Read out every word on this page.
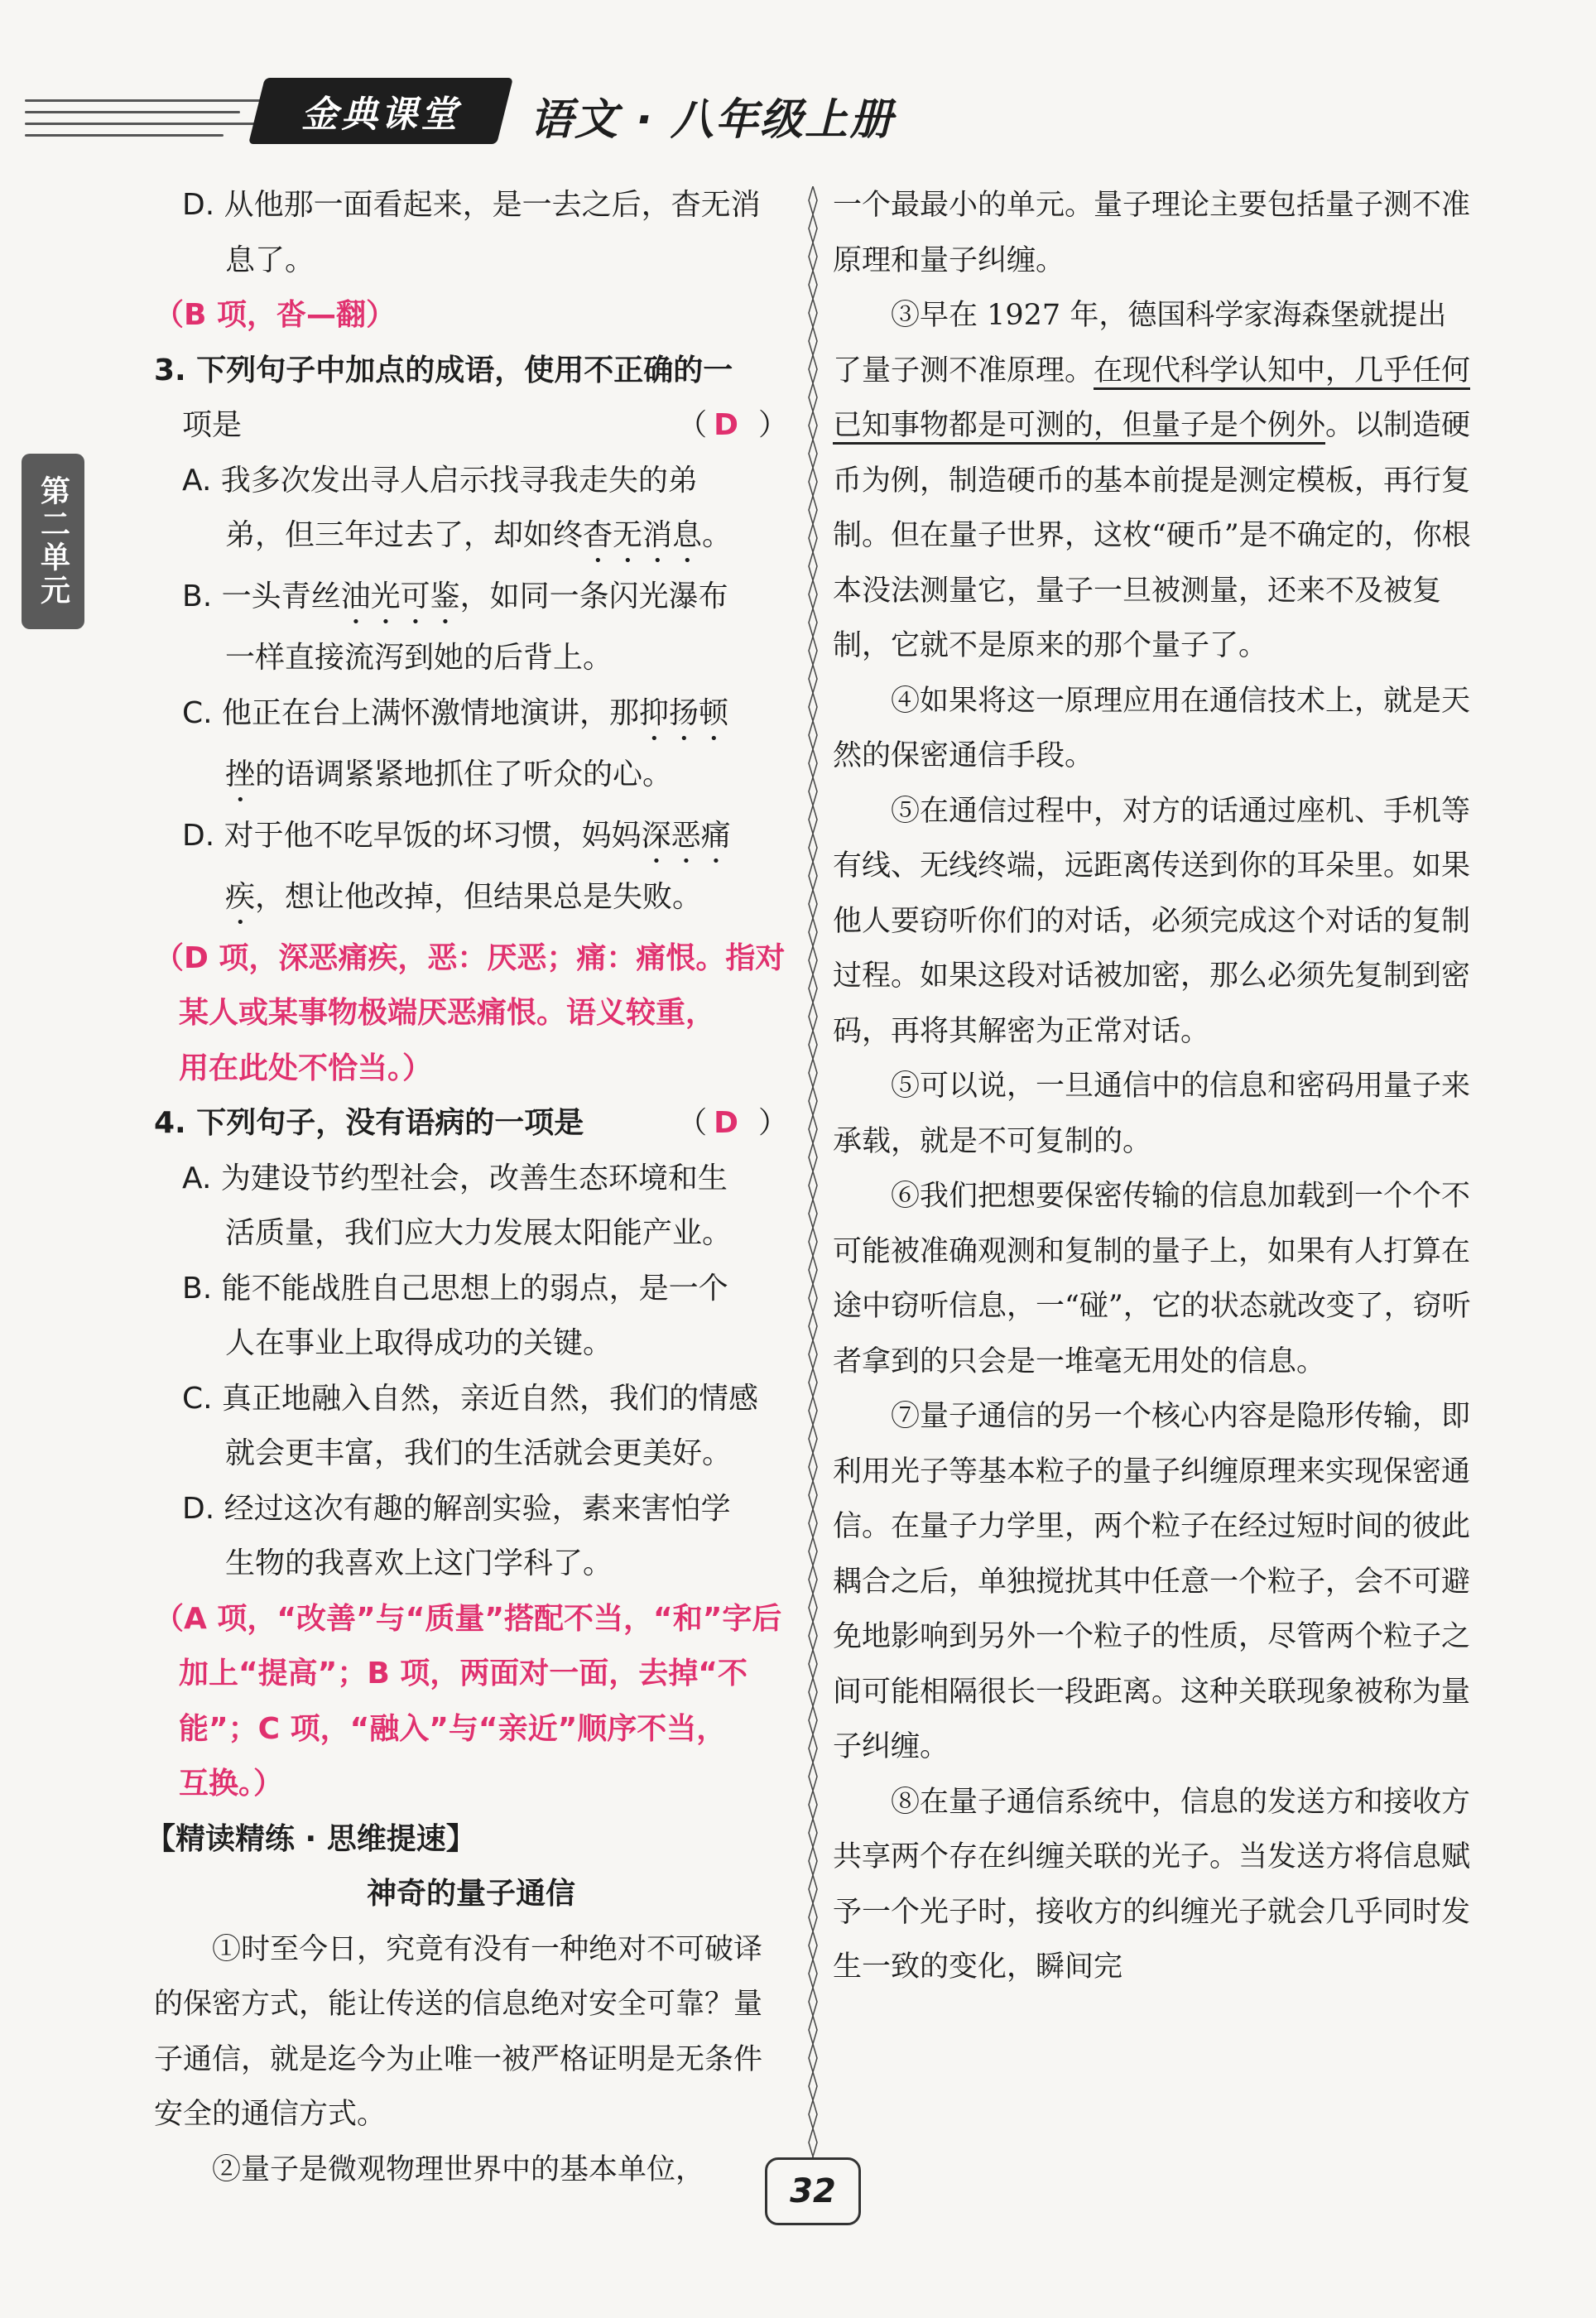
金典课堂 语文 · 八年级上册
第二单元

D. 从他那一面看起来，是一去之后，杳无消

息了。

（B 项，沓—翻）

3. 下列句子中加点的成语，使用不正确的一

项是	（ D ）

A. 我多次发出寻人启示找寻我走失的弟

弟，但三年过去了，却如终杳无消息。

B. 一头青丝油光可鉴，如同一条闪光瀑布

一样直接流泻到她的后背上。

C. 他正在台上满怀激情地演讲，那抑扬顿

挫的语调紧紧地抓住了听众的心。

D. 对于他不吃早饭的坏习惯，妈妈深恶痛

疾，想让他改掉，但结果总是失败。

（D 项，深恶痛疾，恶：厌恶；痛：痛恨。指对

某人或某事物极端厌恶痛恨。语义较重，

用在此处不恰当。）

4. 下列句子，没有语病的一项是	（ D ）

A. 为建设节约型社会，改善生态环境和生

活质量，我们应大力发展太阳能产业。

B. 能不能战胜自己思想上的弱点，是一个

人在事业上取得成功的关键。

C. 真正地融入自然，亲近自然，我们的情感

就会更丰富，我们的生活就会更美好。

D. 经过这次有趣的解剖实验，素来害怕学

生物的我喜欢上这门学科了。

（A 项，“改善”与“质量”搭配不当，“和”字后

加上“提高”；B 项，两面对一面，去掉“不

能”；C 项，“融入”与“亲近”顺序不当，

互换。）

【精读精练 · 思维提速】

神奇的量子通信

①时至今日，究竟有没有一种绝对不可破译的保密方式，能让传送的信息绝对安全可靠？量子通信，就是迄今为止唯一被严格证明是无条件安全的通信方式。

②量子是微观物理世界中的基本单位，

一个最最小的单元。量子理论主要包括量子测不准原理和量子纠缠。

③早在 1927 年，德国科学家海森堡就提出了量子测不准原理。在现代科学认知中，几乎任何已知事物都是可测的，但量子是个例外。以制造硬币为例，制造硬币的基本前提是测定模板，再行复制。但在量子世界，这枚“硬币”是不确定的，你根本没法测量它，量子一旦被测量，还来不及被复制，它就不是原来的那个量子了。

④如果将这一原理应用在通信技术上，就是天然的保密通信手段。

⑤在通信过程中，对方的话通过座机、手机等有线、无线终端，远距离传送到你的耳朵里。如果他人要窃听你们的对话，必须完成这个对话的复制过程。如果这段对话被加密，那么必须先复制到密码，再将其解密为正常对话。

⑤可以说，一旦通信中的信息和密码用量子来承载，就是不可复制的。

⑥我们把想要保密传输的信息加载到一个个不可能被准确观测和复制的量子上，如果有人打算在途中窃听信息，一“碰”，它的状态就改变了，窃听者拿到的只会是一堆毫无用处的信息。

⑦量子通信的另一个核心内容是隐形传输，即利用光子等基本粒子的量子纠缠原理来实现保密通信。在量子力学里，两个粒子在经过短时间的彼此耦合之后，单独搅扰其中任意一个粒子，会不可避免地影响到另外一个粒子的性质，尽管两个粒子之间可能相隔很长一段距离。这种关联现象被称为量子纠缠。

⑧在量子通信系统中，信息的发送方和接收方共享两个存在纠缠关联的光子。当发送方将信息赋予一个光子时，接收方的纠缠光子就会几乎同时发生一致的变化，瞬间完

32
